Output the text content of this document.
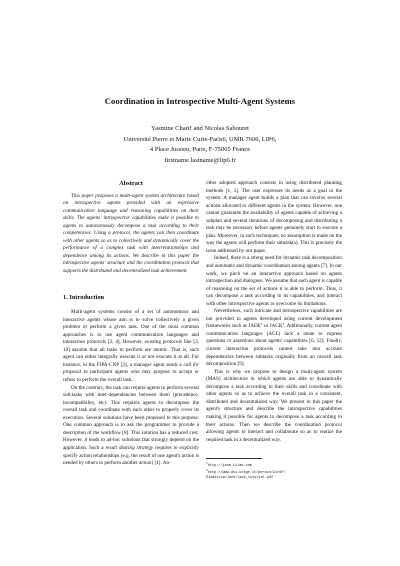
Coordination in Introspective Multi-Agent Systems
Yasmine Charif and Nicolas Sabouret
Université Pierre et Marie Curie-Paris6, UMR 7606, LIP6,
4 Place Jussieu, Paris, F-75005 France
firstname.lastname@lip6.fr
Abstract

This paper proposes a multi-agent system architecture based on introspective agents provided with an expressive communication language and reasoning capabilities on their skills. The agents' introspective capabilities make it possible to agents to autonomously decompose a task according to their competencies. Using a protocol, the agents can then coordinate with other agents so as to collectively and dynamically cover the performance of a complex task with interrelationships and dependence among its actions. We describe in this paper the introspective agents' structure and the coordination protocol that supports the distributed and decentralized task achievement.

1. Introduction

Multi-agent systems consist of a set of autonomous and interactive agents whose aim is to solve collectively a given problem or perform a given task. One of the most common approaches is to use agent communication languages and interaction protocols [2, 4]. However, existing protocols like [3, 10] assume that all tasks to perform are atomic. That is, such agent can either integrally execute it or not execute it at all. For instance, in the FIPA-CNP [3], a manager agent sends a call for proposal to participant agents who may propose to accept or refuse to perform the overall task.

On the contrary, the task can require agents to perform several sub-tasks with inter-dependencies between them (precedence, incompatibility, etc). This requires agents to decompose the overall task and coordinate with each other to properly cover its execution. Several solutions have been proposed to this purpose. One common approach is to ask the programmer to provide a description of the workflow [8]. This solution has a reduced cost. However, it leads to ad-hoc solutions that strongly depend on the application. Such a result sharing strategy requires to explicitly specify action relationships (e.g. the result of one agent's action is needed by others to perform another action) [1]. An-

other adopted approach consists in using distributed planning methods [1, 5]. The user expresses its needs as a goal to the system. A manager agent builds a plan that can involve several actions allocated to different agents in the system. However, one cannot guarantee the availability of agents capable of achieving a subplan and several iterations of decomposing and distributing a task may be necessary before agents genuinely start to execute a plan. Moreover, in such techniques, no assumption is made on the way the agents will perform their subtask(s). This is precisely the issue addressed by our paper.

Indeed, there is a strong need for dynamic task decomposition and automatic and dynamic coordination among agents [7]. In our work, we pitch on an interactive approach based on agents introspection and dialogues. We assume that each agent is capable of reasoning on the set of actions it is able to perform. Thus, it can decompose a task according to its capabilities, and interact with other introspective agents to overcome its limitations.

Nevertheless, such intricate and introspective capabilities are not provided to agents developed using current development frameworks such as JADE$^1$ or JACK$^2$. Additionally, current agent communication languages (ACL) lack a mean to express questions or assertions about agents' capabilities [6, 12]. Finally, current interaction protocols cannot take into account dependencies between subtasks originally from an overall task decomposition [9].

This is why we propose to design a multi-agent system (MAS) architecture in which agents are able to dynamically decompose a task according to their skills and coordinate with other agents so as to achieve the overall task in a consistent, distributed and decentralized way. We present in this paper the agent's structure and describe the introspective capabilities making it possible for agents to decompose a task according to their actions. Then we describe the coordination protocol allowing agents to interact and collaborate so as to realize the required task in a decentralized way.

$^1$http://jade.tilab.com

$^2$http://www.dsi.unige.it/person/ZiroF/

Didattica/Jack/Jack_tutorial.pdf
